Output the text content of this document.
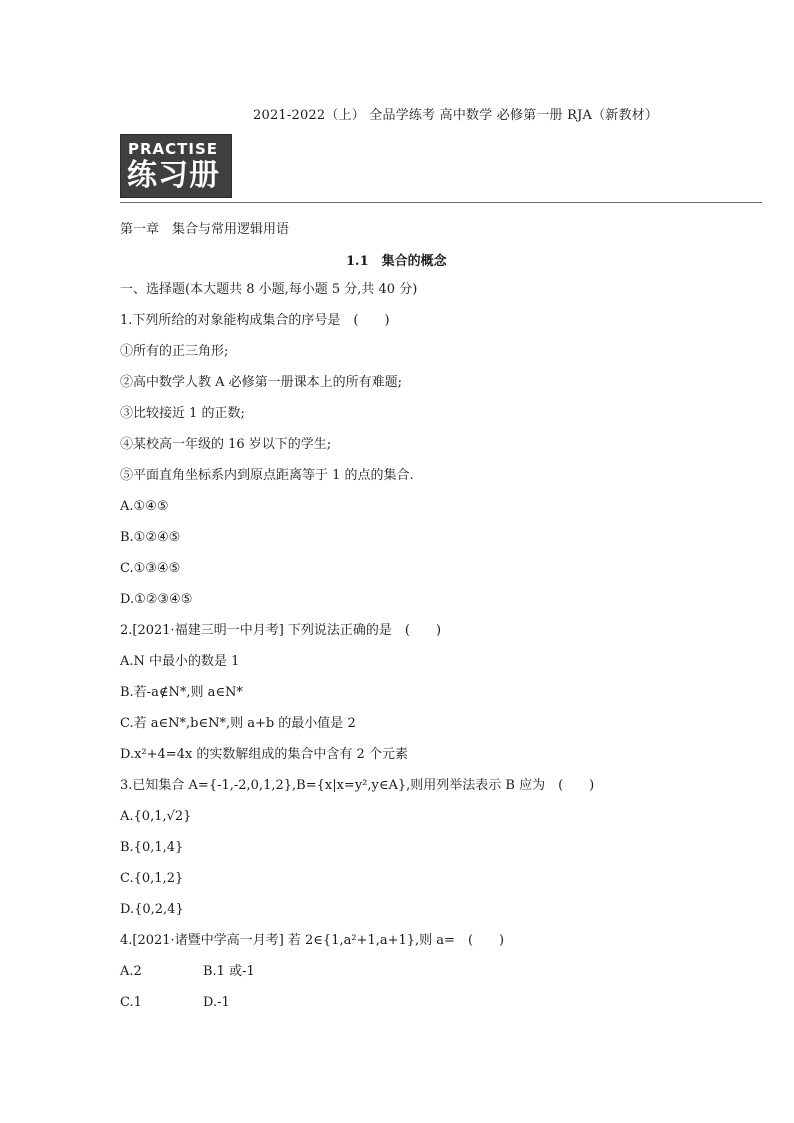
2021-2022（上） 全品学练考 高中数学 必修第一册 RJA（新教材）
PRACTISE
练习册
第一章　集合与常用逻辑用语
1.1　集合的概念
一、选择题(本大题共 8 小题,每小题 5 分,共 40 分)
1.下列所给的对象能构成集合的序号是　(　　)
①所有的正三角形;
②高中数学人教 A 必修第一册课本上的所有难题;
③比较接近 1 的正数;
④某校高一年级的 16 岁以下的学生;
⑤平面直角坐标系内到原点距离等于 1 的点的集合.
A.①④⑤
B.①②④⑤
C.①③④⑤
D.①②③④⑤
2.[2021·福建三明一中月考] 下列说法正确的是　(　　)
A.N 中最小的数是 1
B.若-a∉N*,则 a∈N*
C.若 a∈N*,b∈N*,则 a+b 的最小值是 2
D.x²+4=4x 的实数解组成的集合中含有 2 个元素
3.已知集合 A={-1,-2,0,1,2},B={x|x=y²,y∈A},则用列举法表示 B 应为　(　　)
A.{0,1,√2}
B.{0,1,4}
C.{0,1,2}
D.{0,2,4}
4.[2021·诸暨中学高一月考] 若 2∈{1,a²+1,a+1},则 a=　(　　)
A.2	B.1 或-1
C.1	D.-1
